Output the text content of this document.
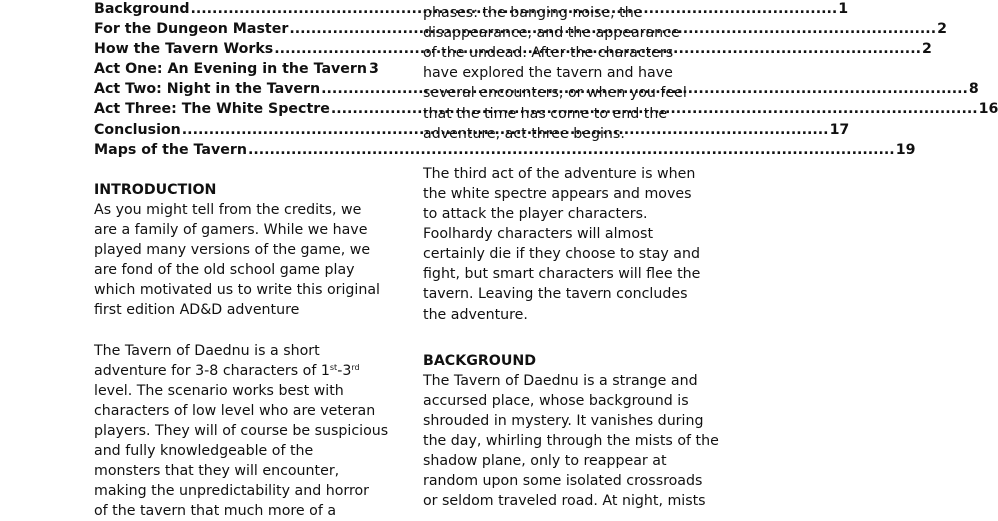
Background .....	1
For the Dungeon Master .....	2
How the Tavern Works .....	2
Act One: An Evening in the Tavern 3
Act Two: Night in the Tavern .....	8
Act Three: The White Spectre .....	16
Conclusion .....	17
Maps of the Tavern .....	19
INTRODUCTION
As you might tell from the credits, we
are a family of gamers. While we have
played many versions of the game, we
are fond of the old school game play
which motivated us to write this original
first edition AD&D adventure
The Tavern of Daednu is a short
adventure for 3-8 characters of 1st-3rd
level. The scenario works best with
characters of low level who are veteran
players. They will of course be suspicious
and fully knowledgeable of the
monsters that they will encounter,
making the unpredictability and horror
of the tavern that much more of a
phases: the banging noise, the
disappearance, and the appearance
of the undead. After the characters
have explored the tavern and have
several encounters, or when you feel
that the time has come to end the
adventure, act three begins.
The third act of the adventure is when
the white spectre appears and moves
to attack the player characters.
Foolhardy characters will almost
certainly die if they choose to stay and
fight, but smart characters will flee the
tavern. Leaving the tavern concludes
the adventure.
BACKGROUND
The Tavern of Daednu is a strange and
accursed place, whose background is
shrouded in mystery. It vanishes during
the day, whirling through the mists of the
shadow plane, only to reappear at
random upon some isolated crossroads
or seldom traveled road. At night, mists
